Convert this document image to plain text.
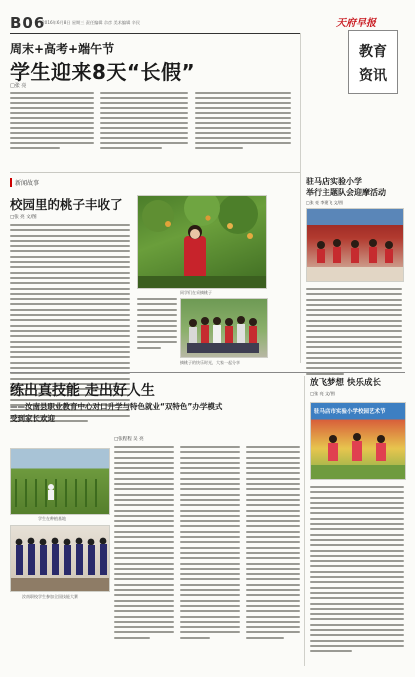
B06
2016年6月8日 星期三 责任编辑 佘彦 美术编辑 辛民	天府早报
教育
资讯
周末+高考+端午节
学生迎来8天“长假”
□张 亮
新闻故事
校园里的桃子丰收了
□张 亮 文/图
同学们在采摘桃子
摘桃子的快乐时光，大家一起分享
驻马店实验小学
举行主题队会迎摩活动
□张 亮 李建飞 文/图
练出真技能 走出好人生
——汝南县职业教育中心对口升学与特色就业“双特色”办学模式
受到家长欢迎
学生在种植基地
汝南职校学生参加全国技能大赛
□张程程 吴 亮
放飞梦想 快乐成长
□张 亮 文/图
驻马店市实验小学校园艺术节
